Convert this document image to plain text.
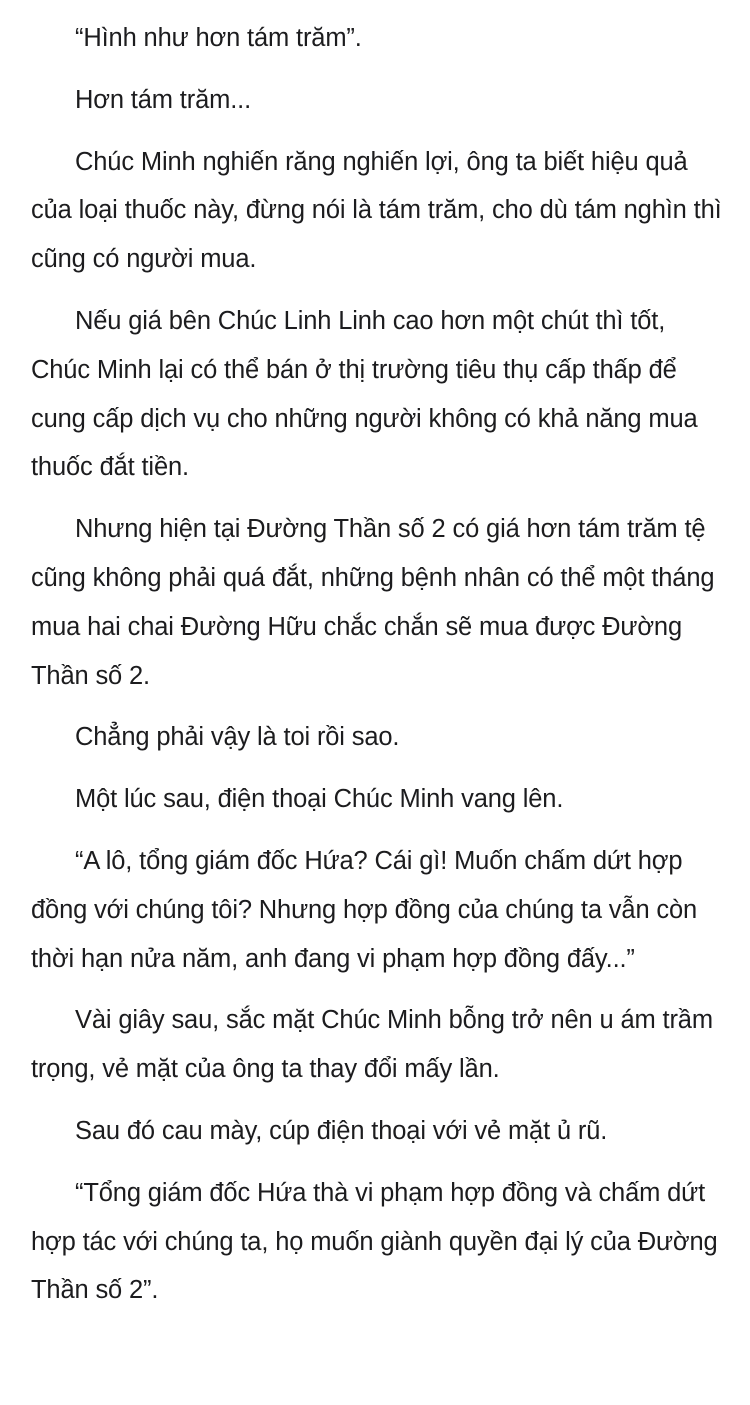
“Hình như hơn tám trăm”.

Hơn tám trăm...

Chúc Minh nghiến răng nghiến lợi, ông ta biết hiệu quả của loại thuốc này, đừng nói là tám trăm, cho dù tám nghìn thì cũng có người mua.

Nếu giá bên Chúc Linh Linh cao hơn một chút thì tốt, Chúc Minh lại có thể bán ở thị trường tiêu thụ cấp thấp để cung cấp dịch vụ cho những người không có khả năng mua thuốc đắt tiền.

Nhưng hiện tại Đường Thần số 2 có giá hơn tám trăm tệ cũng không phải quá đắt, những bệnh nhân có thể một tháng mua hai chai Đường Hữu chắc chắn sẽ mua được Đường Thần số 2.

Chẳng phải vậy là toi rồi sao.

Một lúc sau, điện thoại Chúc Minh vang lên.

“A lô, tổng giám đốc Hứa? Cái gì! Muốn chấm dứt hợp đồng với chúng tôi? Nhưng hợp đồng của chúng ta vẫn còn thời hạn nửa năm, anh đang vi phạm hợp đồng đấy...”

Vài giây sau, sắc mặt Chúc Minh bỗng trở nên u ám trầm trọng, vẻ mặt của ông ta thay đổi mấy lần.

Sau đó cau mày, cúp điện thoại với vẻ mặt ủ rũ.

“Tổng giám đốc Hứa thà vi phạm hợp đồng và chấm dứt hợp tác với chúng ta, họ muốn giành quyền đại lý của Đường Thần số 2”.
